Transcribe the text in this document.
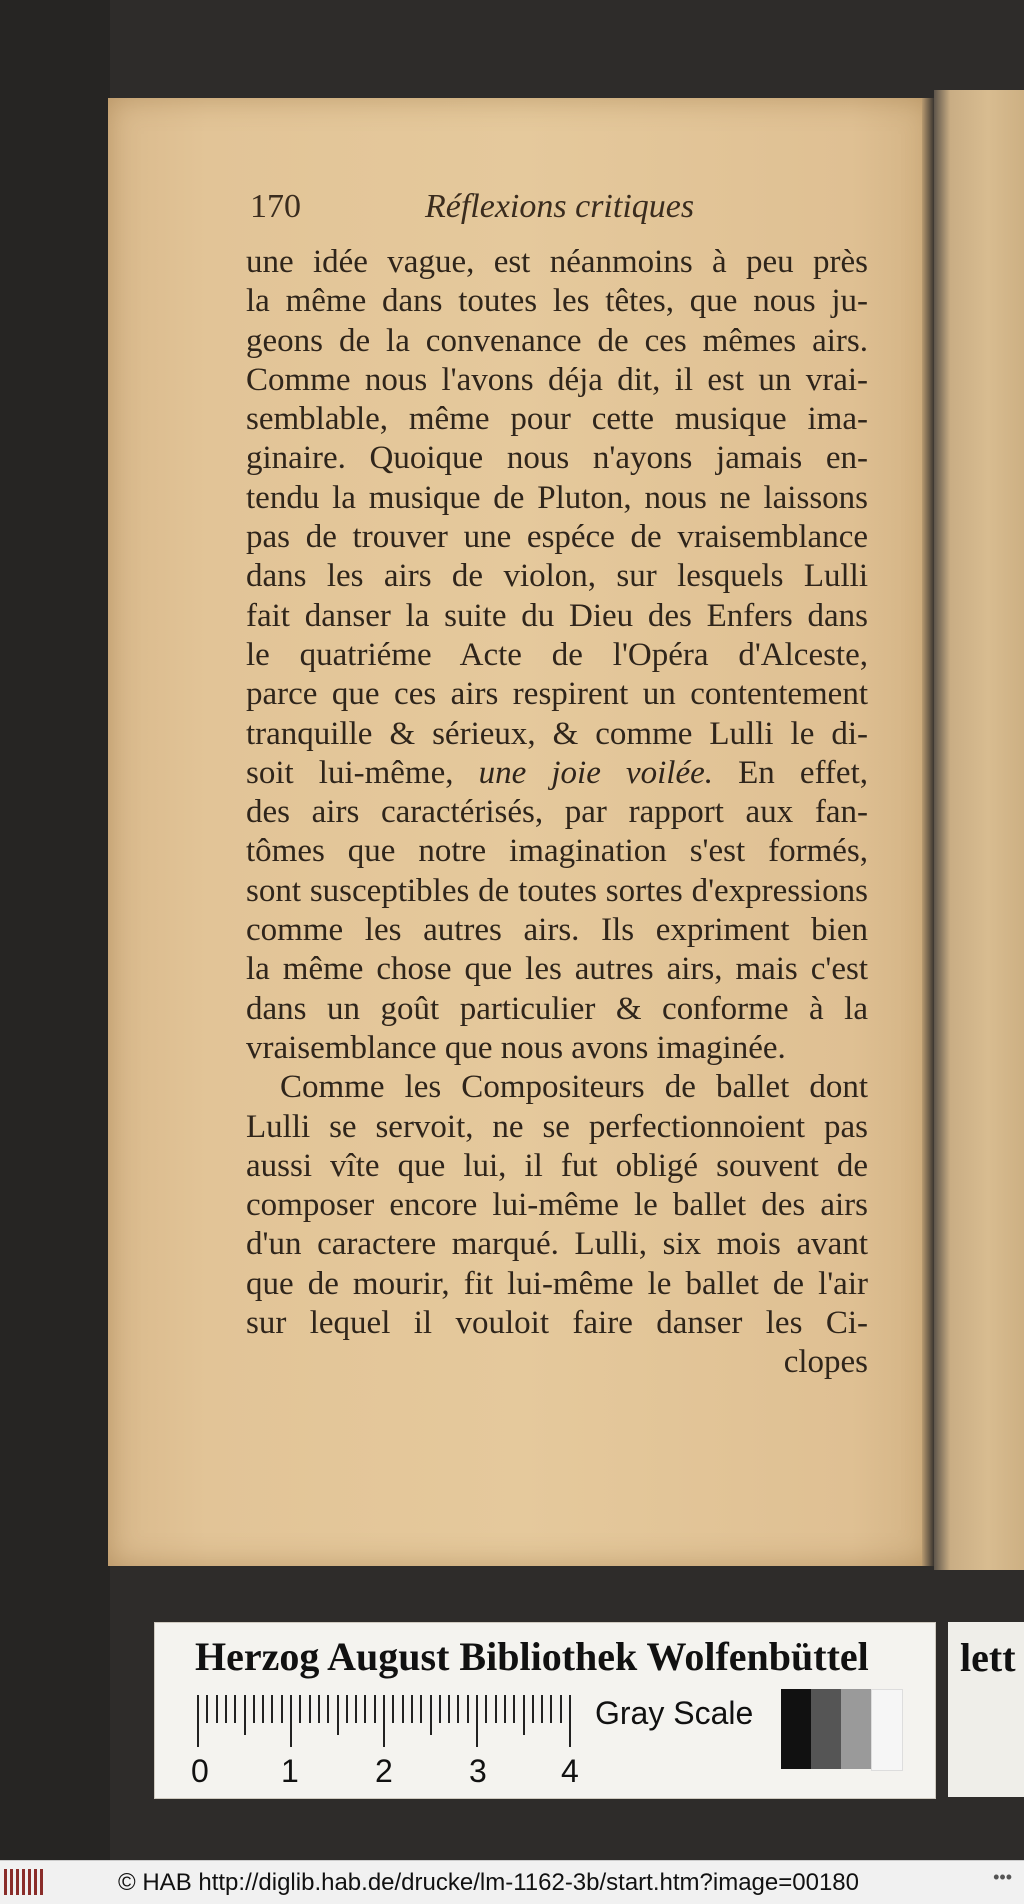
170	Réflexions critiques
une idée vague, est néanmoins à peu près
la même dans toutes les têtes, que nous ju-
geons de la convenance de ces mêmes airs.
Comme nous l'avons déja dit, il est un vrai-
semblable, même pour cette musique ima-
ginaire. Quoique nous n'ayons jamais en-
tendu la musique de Pluton, nous ne laissons
pas de trouver une espéce de vraisemblance
dans les airs de violon, sur lesquels Lulli
fait danser la suite du Dieu des Enfers dans
le quatriéme Acte de l'Opéra d'Alceste,
parce que ces airs respirent un contentement
tranquille & sérieux, & comme Lulli le di-
soit lui-même, une joie voilée. En effet,
des airs caractérisés, par rapport aux fan-
tômes que notre imagination s'est formés,
sont susceptibles de toutes sortes d'expressions
comme les autres airs. Ils expriment bien
la même chose que les autres airs, mais c'est
dans un goût particulier & conforme à la
vraisemblance que nous avons imaginée.
Comme les Compositeurs de ballet dont
Lulli se servoit, ne se perfectionnoient pas
aussi vîte que lui, il fut obligé souvent de
composer encore lui-même le ballet des airs
d'un caractere marqué. Lulli, six mois avant
que de mourir, fit lui-même le ballet de l'air
sur lequel il vouloit faire danser les Ci-
clopes
Herzog August Bibliothek Wolfenbüttel
0 1 2 3 4
Gray Scale
lett
© HAB http://diglib.hab.de/drucke/lm-1162-3b/start.htm?image=00180	•••
